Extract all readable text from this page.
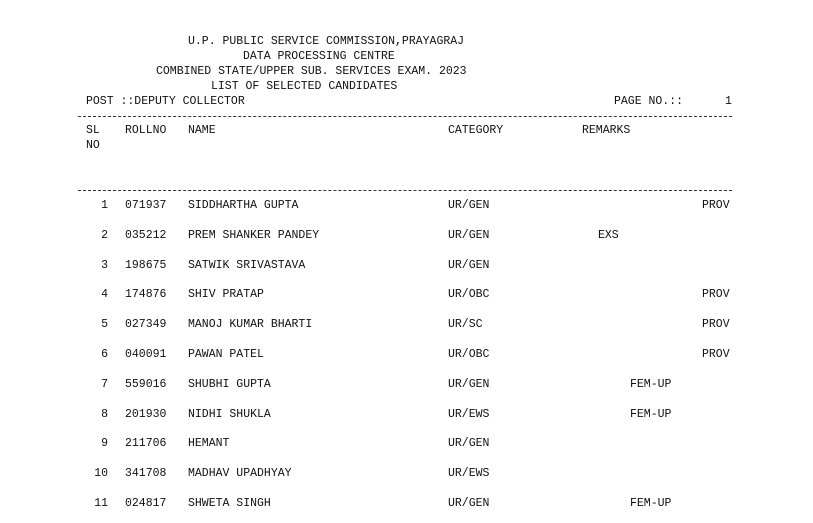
U.P. PUBLIC SERVICE COMMISSION,PRAYAGRAJ
DATA PROCESSING CENTRE
COMBINED STATE/UPPER SUB. SERVICES EXAM. 2023
LIST OF SELECTED CANDIDATES
POST ::DEPUTY COLLECTOR	PAGE NO.::	1
SL
NO
ROLLNO NAME	CATEGORY	REMARKS
1 071937 SIDDHARTHA GUPTA	UR/GEN	PROV
2 035212 PREM SHANKER PANDEY	UR/GEN	EXS
3 198675 SATWIK SRIVASTAVA	UR/GEN
4 174876 SHIV PRATAP	UR/OBC	PROV
5 027349 MANOJ KUMAR BHARTI	UR/SC	PROV
6 040091 PAWAN PATEL	UR/OBC	PROV
7 559016 SHUBHI GUPTA	UR/GEN	FEM-UP
8 201930 NIDHI SHUKLA	UR/EWS	FEM-UP
9 211706 HEMANT	UR/GEN
10 341708 MADHAV UPADHYAY	UR/EWS
11 024817 SHWETA SINGH	UR/GEN	FEM-UP
